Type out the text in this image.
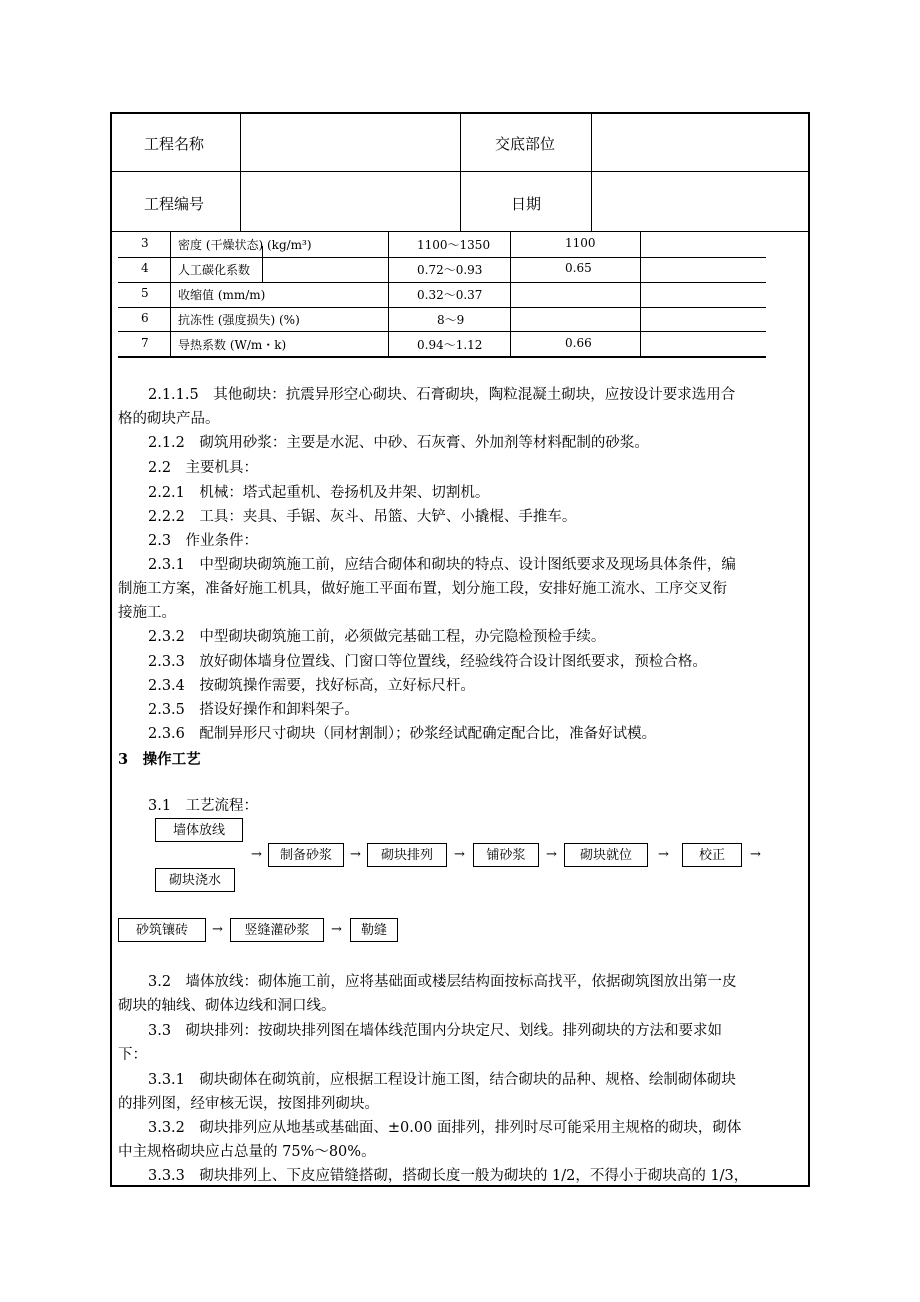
工程名称	交底部位
工程编号	日期
3 密度 (干燥状态) (kg/m³)	1100～1350	1100
4 人工碳化系数	0.72～0.93	0.65
5 收缩值 (mm/m)	0.32～0.37
6 抗冻性 (强度损失) (%)	8～9
7 导热系数 (W/m・k)	0.94～1.12	0.66
2.1.1.5　其他砌块：抗震异形空心砌块、石膏砌块，陶粒混凝土砌块，应按设计要求选用合
格的砌块产品。
2.1.2　砌筑用砂浆：主要是水泥、中砂、石灰膏、外加剂等材料配制的砂浆。
2.2　主要机具：
2.2.1　机械：塔式起重机、卷扬机及井架、切割机。
2.2.2　工具：夹具、手锯、灰斗、吊篮、大铲、小撬棍、手推车。
2.3　作业条件：
2.3.1　中型砌块砌筑施工前，应结合砌体和砌块的特点、设计图纸要求及现场具体条件，编
制施工方案，准备好施工机具，做好施工平面布置，划分施工段，安排好施工流水、工序交叉衔
接施工。
2.3.2　中型砌块砌筑施工前，必须做完基础工程，办完隐检预检手续。
2.3.3　放好砌体墙身位置线、门窗口等位置线，经验线符合设计图纸要求，预检合格。
2.3.4　按砌筑操作需要，找好标高，立好标尺杆。
2.3.5　搭设好操作和卸料架子。
2.3.6　配制异形尺寸砌块（同材割制）；砂浆经试配确定配合比，准备好试模。
3　操作工艺
3.1　工艺流程：
3.2　墙体放线：砌体施工前，应将基础面或楼层结构面按标高找平，依据砌筑图放出第一皮
砌块的轴线、砌体边线和洞口线。
3.3　砌块排列：按砌块排列图在墙体线范围内分块定尺、划线。排列砌块的方法和要求如
下：
3.3.1　砌块砌体在砌筑前，应根据工程设计施工图，结合砌块的品种、规格、绘制砌体砌块
的排列图，经审核无误，按图排列砌块。
3.3.2　砌块排列应从地基或基础面、±0.00 面排列，排列时尽可能采用主规格的砌块，砌体
中主规格砌块应占总量的 75%～80%。
3.3.3　砌块排列上、下皮应错缝搭砌，搭砌长度一般为砌块的 1/2，不得小于砌块高的 1/3，
墙体放线
砌块浇水
→	制备砂浆	→	砌块排列	→	铺砂浆	→	砌块就位	→	校正	→
砂筑镶砖	→	竖缝灌砂浆	→	勒缝
